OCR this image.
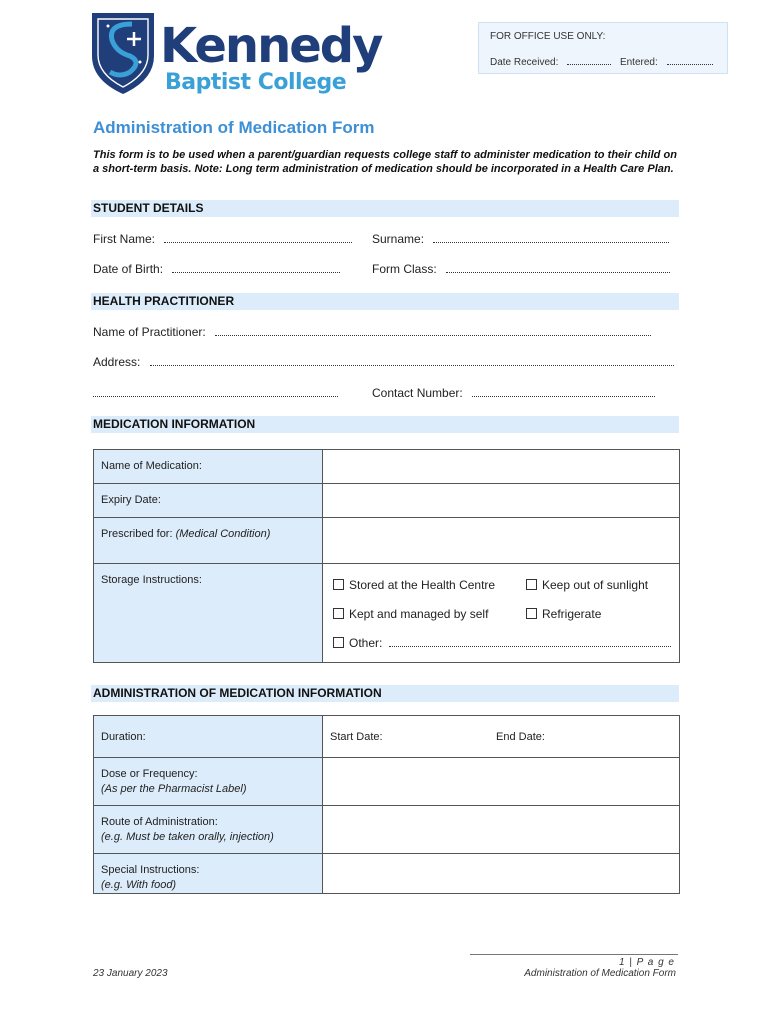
Kennedy
Baptist College
FOR OFFICE USE ONLY:
Date Received:	Entered:
Administration of Medication Form
This form is to be used when a parent/guardian requests college staff to administer medication to their child on a short-term basis. Note: Long term administration of medication should be incorporated in a Health Care Plan.
STUDENT DETAILS
First Name:	Surname:
Date of Birth:	Form Class:
HEALTH PRACTITIONER
Name of Practitioner:
Address:
Contact Number:
MEDICATION INFORMATION
Name of Medication:	
Expiry Date:	
Prescribed for: (Medical Condition)	
Storage Instructions:		Stored at the Health Centre	Keep out of sunlight
Kept and managed by self	Refrigerate
Other:
ADMINISTRATION OF MEDICATION INFORMATION
Duration:	Start Date: End Date:

Dose or Frequency:
(As per the Pharmacist Label)	
Route of Administration:
(e.g. Must be taken orally, injection)	
Special Instructions:
(e.g. With food)	
1 | P a g e
23 January 2023	Administration of Medication Form
